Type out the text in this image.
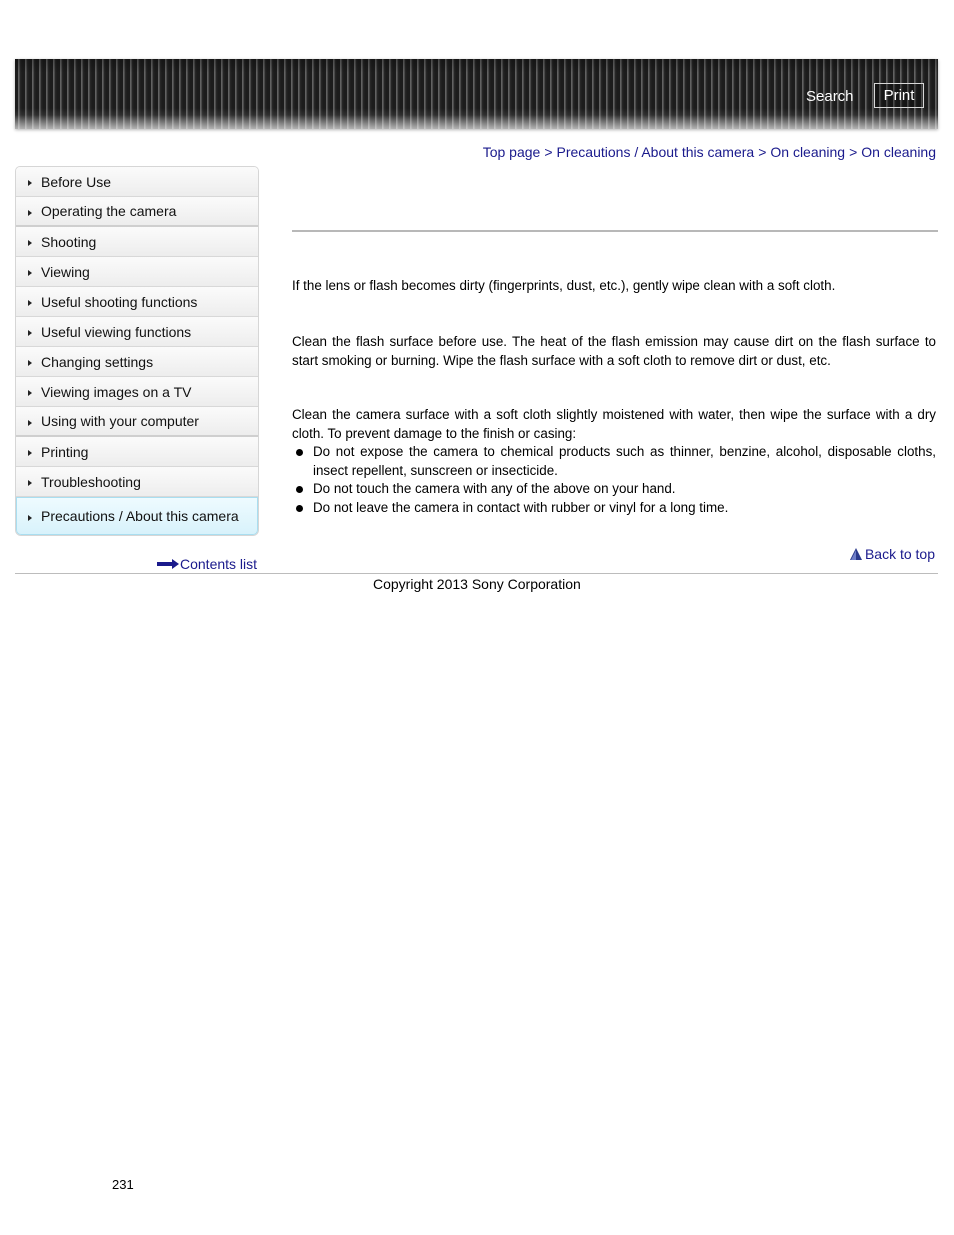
Search	Print
Top page > Precautions / About this camera > On cleaning > On cleaning
Before Use
Operating the camera
Shooting
Viewing
Useful shooting functions
Useful viewing functions
Changing settings
Viewing images on a TV
Using with your computer
Printing
Troubleshooting
Precautions / About this camera
Contents list

If the lens or flash becomes dirty (fingerprints, dust, etc.), gently wipe clean with a soft cloth.

Clean the flash surface before use. The heat of the flash emission may cause dirt on the flash surface to start smoking or burning. Wipe the flash surface with a soft cloth to remove dirt or dust, etc.

Clean the camera surface with a soft cloth slightly moistened with water, then wipe the surface with a dry cloth. To prevent damage to the finish or casing:

Do not expose the camera to chemical products such as thinner, benzine, alcohol, disposable cloths, insect repellent, sunscreen or insecticide.
Do not touch the camera with any of the above on your hand.
Do not leave the camera in contact with rubber or vinyl for a long time.
Back to top
Copyright 2013 Sony Corporation
231
